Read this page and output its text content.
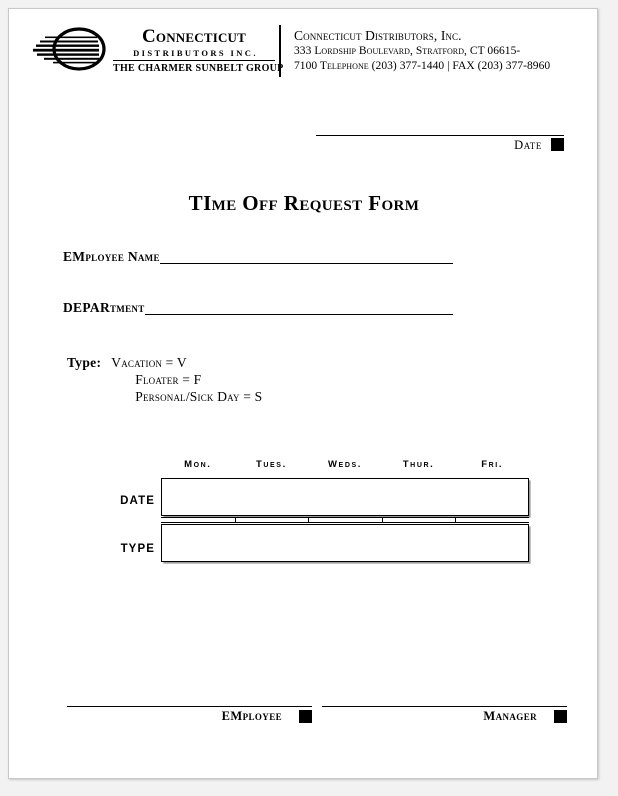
Connecticut
DISTRIBUTORS INC.
THE CHARMER SUNBELT GROUP
Connecticut Distributors, Inc.
333 Lordship Boulevard, Stratford, CT 06615-
7100 Telephone (203) 377-1440 | FAX (203) 377-8960
Date
TIme Off Request Form
EMployee Name
DEPARtment
Type: Vacation = V
Floater = F
Personal/Sick Day = S
Mon.	Tues.	Weds.	Thur.	Fri.
DATE
TYPE
EMployee	Manager
